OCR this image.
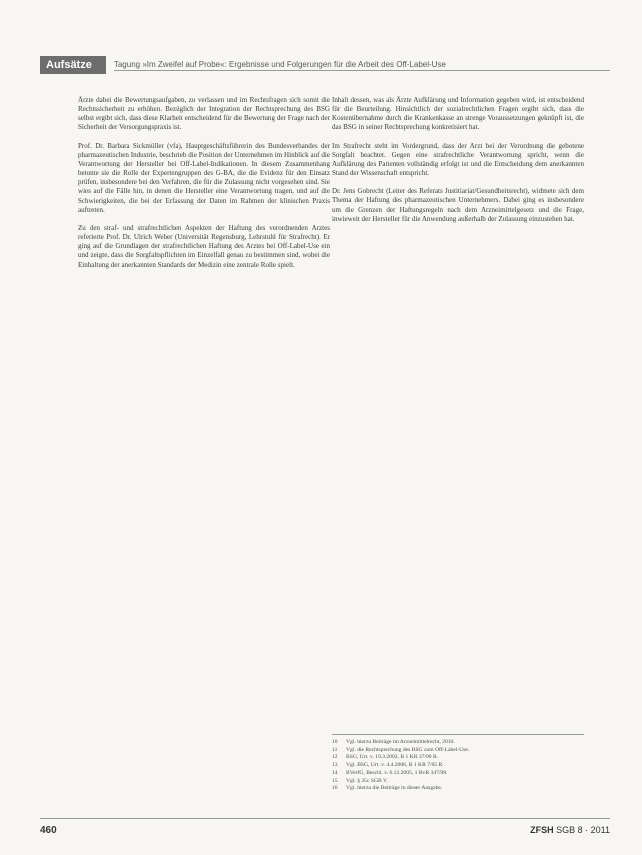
Aufsätze	Tagung »Im Zweifel auf Probe«: Ergebnisse und Folgerungen für die Arbeit des Off-Label-Use

Ärzte dabei die Bewertungsaufgaben, zu verlassen und im Rechtsfragen sich somit die Rechtssicherheit zu erhöhen. Bezüglich der Integration der Rechtsprechung des BSG selbst ergibt sich, dass diese Klarheit entscheidend für die Bewertung der Frage nach der Sicherheit der Versorgungspraxis ist.

Prof. Dr. Barbara Sickmüller (vfa), Hauptgeschäftsführerin des Bundesverbandes der pharmazeutischen Industrie, beschrieb die Position der Unternehmen im Hinblick auf die Verantwortung der Hersteller bei Off-Label-Indikationen. In diesem Zusammenhang betonte sie die Rolle der Expertengruppen des G-BA, die die Evidenz für den Einsatz prüfen, insbesondere bei den Verfahren, die für die Zulassung nicht vorgesehen sind. Sie wies auf die Fälle hin, in denen die Hersteller eine Verantwortung tragen, und auf die Schwierigkeiten, die bei der Erfassung der Daten im Rahmen der klinischen Praxis auftreten.

Zu den straf- und strafrechtlichen Aspekten der Haftung des verordnenden Arztes referierte Prof. Dr. Ulrich Weber (Universität Regensburg, Lehrstuhl für Strafrecht). Er ging auf die Grundlagen der strafrechtlichen Haftung des Arztes bei Off-Label-Use ein und zeigte, dass die Sorgfaltspflichten im Einzelfall genau zu bestimmen sind, wobei die Einhaltung der anerkannten Standards der Medizin eine zentrale Rolle spielt.

Inhalt dessen, was als Ärzte Aufklärung und Information gegeben wird, ist entscheidend für die Beurteilung. Hinsichtlich der sozialrechtlichen Fragen ergibt sich, dass die Kostenübernahme durch die Krankenkasse an strenge Voraussetzungen geknüpft ist, die das BSG in seiner Rechtsprechung konkretisiert hat.

Im Strafrecht steht im Vordergrund, dass der Arzt bei der Verordnung die gebotene Sorgfalt beachtet. Gegen eine strafrechtliche Verantwortung spricht, wenn die Aufklärung des Patienten vollständig erfolgt ist und die Entscheidung dem anerkannten Stand der Wissenschaft entspricht.

Dr. Jens Gobrecht (Leiter des Referats Justitiariat/Gesundheitsrecht), widmete sich dem Thema der Haftung des pharmazeutischen Unternehmers. Dabei ging es insbesondere um die Grenzen der Haftungsregeln nach dem Arzneimittelgesetz und die Frage, inwieweit der Hersteller für die Anwendung außerhalb der Zulassung einzustehen hat.

10	Vgl. hierzu Beiträge im Arzneimittelrecht, 2010.
11	Vgl. die Rechtsprechung des BSG zum Off-Label-Use.
12	BSG, Urt. v. 19.3.2002, B 1 KR 37/00 R.
13	Vgl. BSG, Urt. v. 4.4.2006, B 1 KR 7/05 R.
14	BVerfG, Beschl. v. 6.12.2005, 1 BvR 347/98.
15	Vgl. § 35c SGB V.
16	Vgl. hierzu die Beiträge in dieser Ausgabe.
460	ZFSH SGB 8 · 2011
